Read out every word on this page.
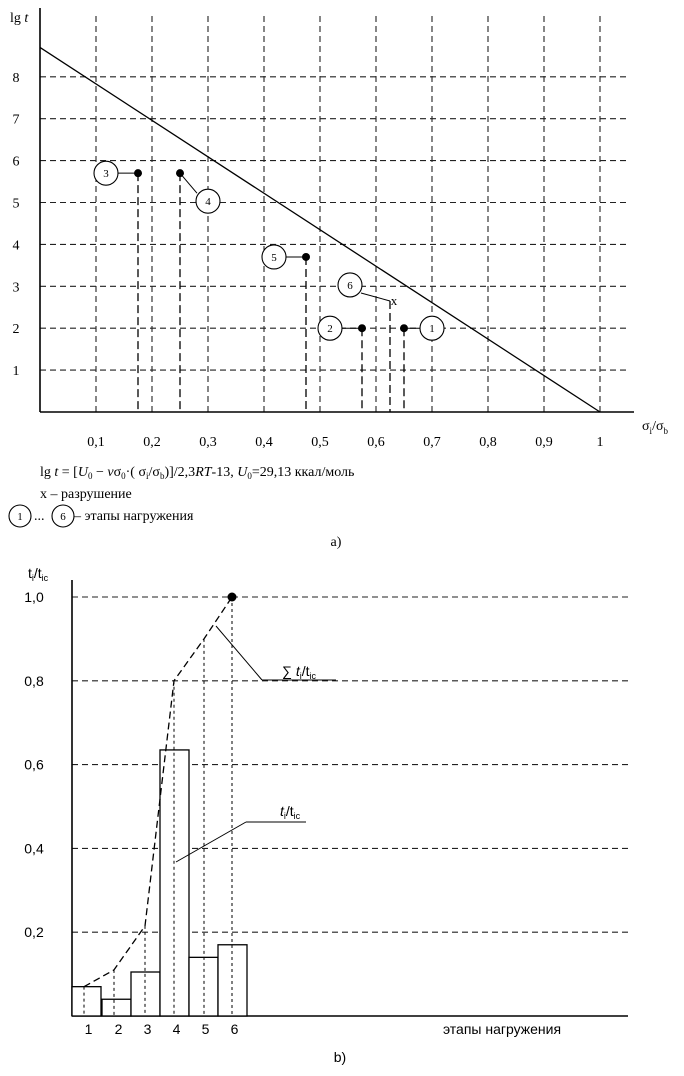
0,1	0,2	0,3	0,4	0,5	0,6	0,7	0,8	0,9	1
1
2
3
4
5
6
7
8
lg t
$\sigma_i/\sigma_b$
3
4
5
2	1
x
6
$\lg t = [U_0 - \nu\sigma_0\cdot$( $\sigma_i/\sigma_b)]/2,3RT-13$, $U_0=29,13$ ккал/моль
x – разрушение
1 ... 6 – этапы нагружения
a)
0,2
0,4
0,6
0,8
1,0
$t_i/t_{ic}$
1 2 3 4 5 6	этапы нагружения
∑ $t_i/t_{ic}$
$t_i/t_{ic}$
b)
